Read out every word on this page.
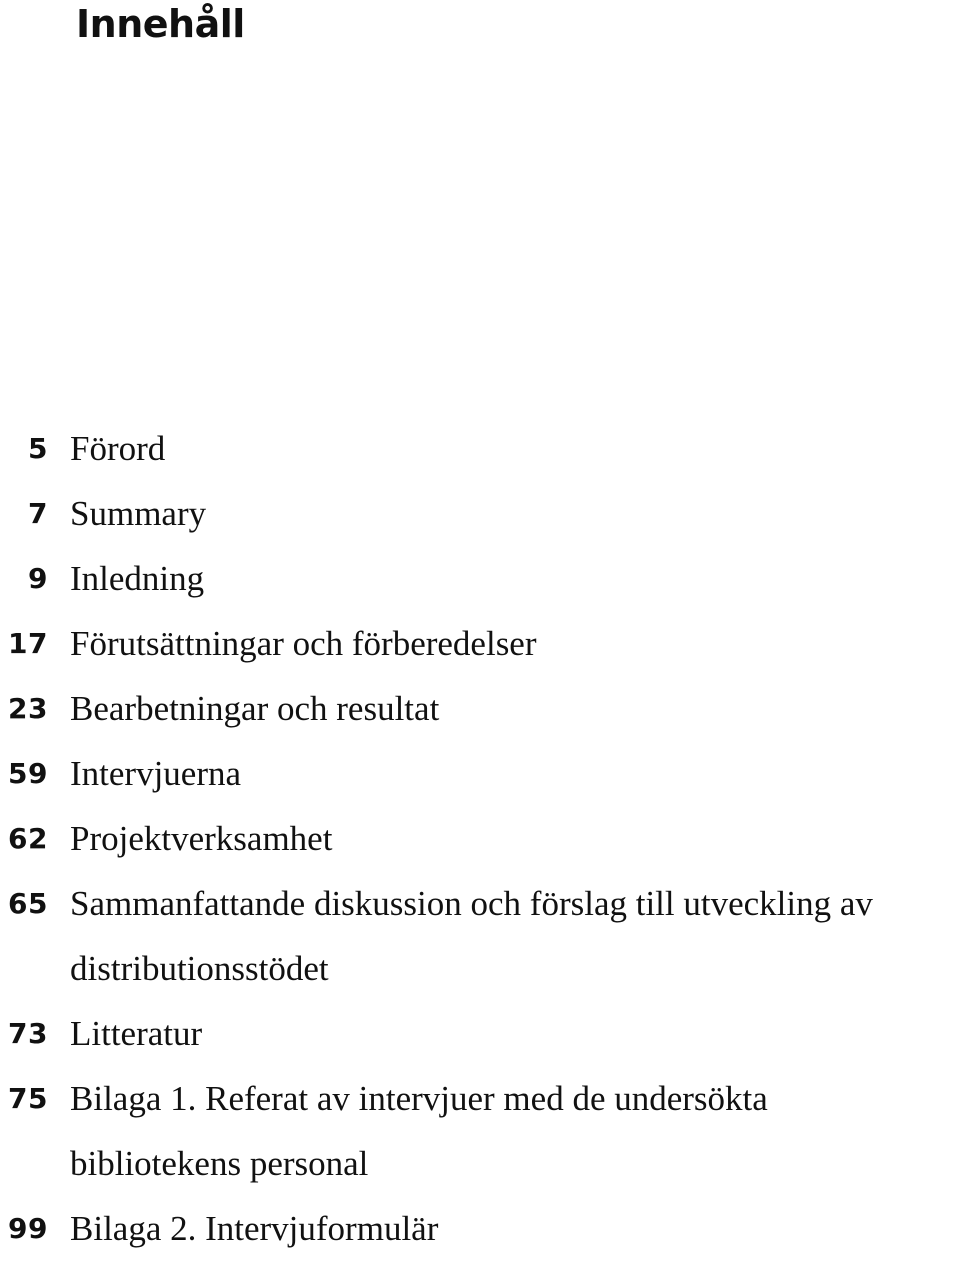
Innehåll
5 Förord
7 Summary
9 Inledning
17 Förutsättningar och förberedelser
23 Bearbetningar och resultat
59 Intervjuerna
62 Projektverksamhet
65 Sammanfattande diskussion och förslag till utveckling av
distributionsstödet
73 Litteratur
75 Bilaga 1. Referat av intervjuer med de undersökta
bibliotekens personal
99 Bilaga 2. Intervjuformulär
